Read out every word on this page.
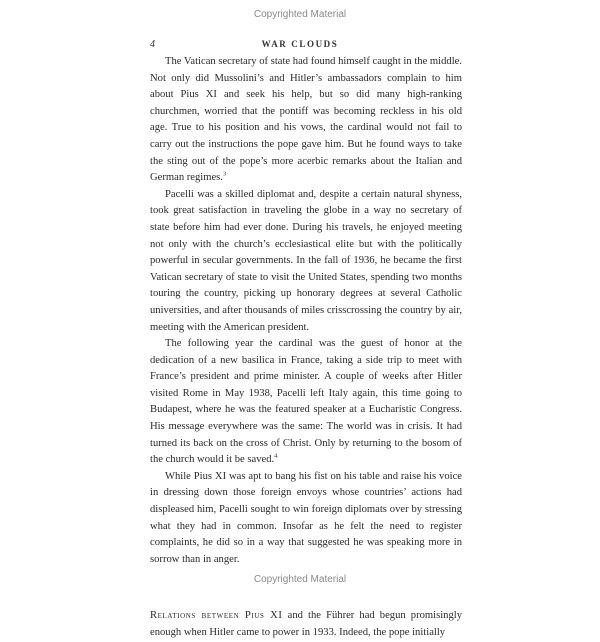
Copyrighted Material
4	WAR CLOUDS

The Vatican secretary of state had found himself caught in the middle. Not only did Mussolini’s and Hitler’s ambassadors complain to him about Pius XI and seek his help, but so did many high-ranking churchmen, worried that the pontiff was becoming reckless in his old age. True to his position and his vows, the cardinal would not fail to carry out the instructions the pope gave him. But he found ways to take the sting out of the pope’s more acerbic remarks about the Italian and German regimes.$^3$

Pacelli was a skilled diplomat and, despite a certain natural shyness, took great satisfaction in traveling the globe in a way no secretary of state before him had ever done. During his travels, he enjoyed meeting not only with the church’s ecclesiastical elite but with the politically powerful in secular governments. In the fall of 1936, he became the first Vatican secretary of state to visit the United States, spending two months touring the country, picking up honorary degrees at several Catholic universities, and after thousands of miles crisscrossing the country by air, meeting with the American president.

The following year the cardinal was the guest of honor at the dedication of a new basilica in France, taking a side trip to meet with France’s president and prime minister. A couple of weeks after Hitler visited Rome in May 1938, Pacelli left Italy again, this time going to Budapest, where he was the featured speaker at a Eucharistic Congress. His message everywhere was the same: The world was in crisis. It had turned its back on the cross of Christ. Only by returning to the bosom of the church would it be saved.$^4$

While Pius XI was apt to bang his fist on his table and raise his voice in dressing down those foreign envoys whose countries’ actions had displeased him, Pacelli sought to win foreign diplomats over by stressing what they had in common. Insofar as he felt the need to register complaints, he did so in a way that suggested he was speaking more in sorrow than in anger.

Relations between Pius XI and the Führer had begun promisingly enough when Hitler came to power in 1933. Indeed, the pope initially

Copyrighted Material
